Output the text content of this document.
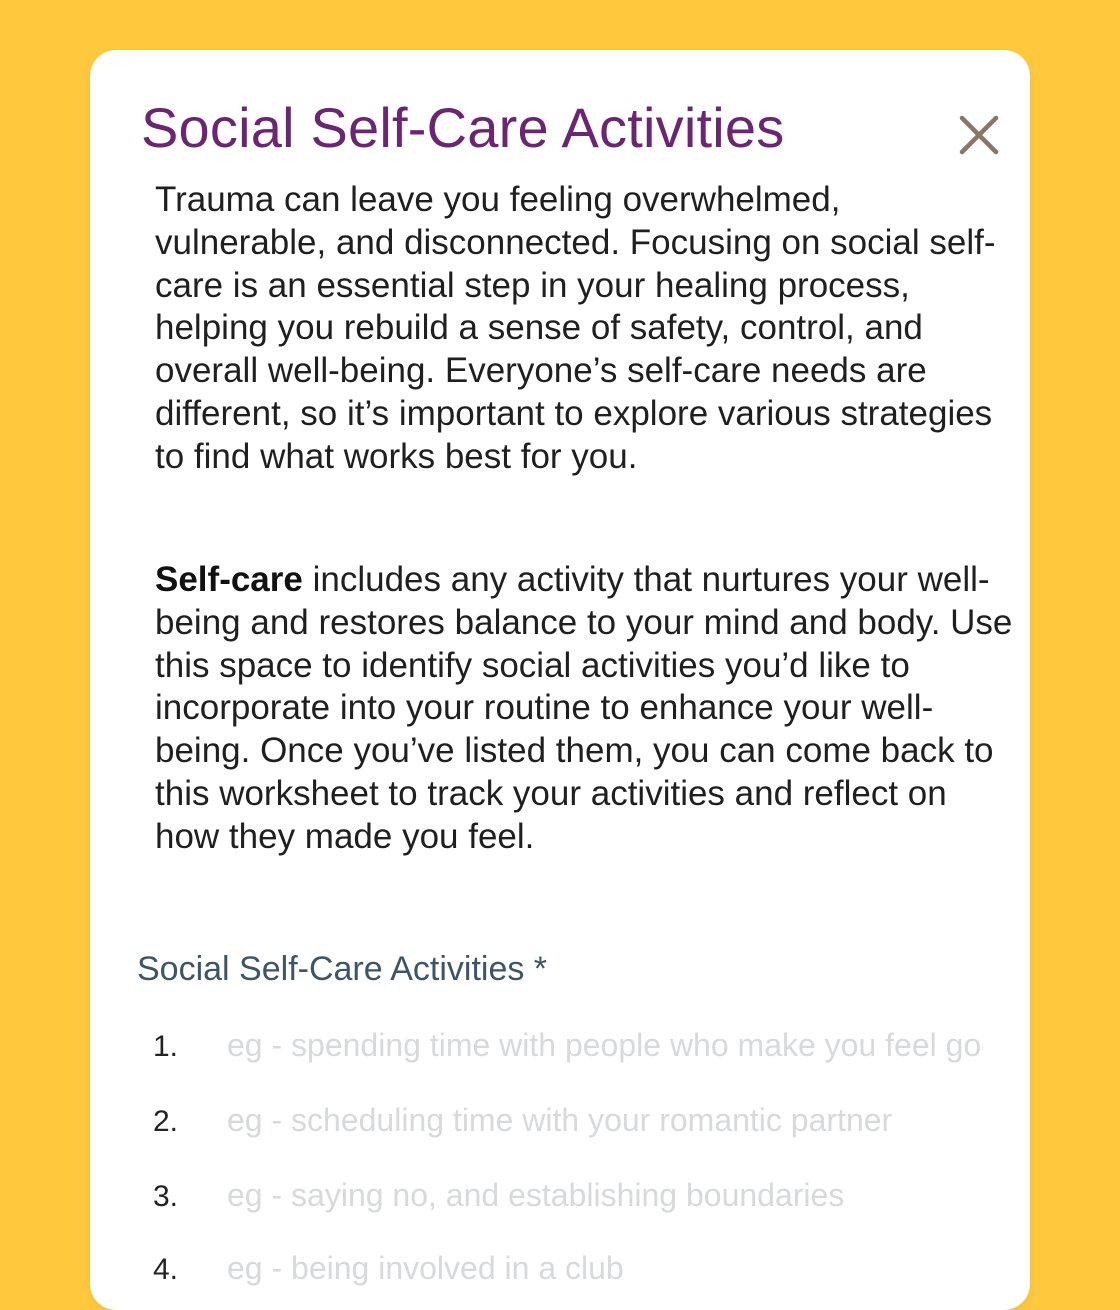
Social Self-Care Activities

Trauma can leave you feeling overwhelmed, vulnerable, and disconnected. Focusing on social self-care is an essential step in your healing process, helping you rebuild a sense of safety, control, and overall well-being. Everyone’s self-care needs are different, so it’s important to explore various strategies to find what works best for you.

Self-care includes any activity that nurtures your well-being and restores balance to your mind and body. Use this space to identify social activities you’d like to incorporate into your routine to enhance your well-being. Once you’ve listed them, you can come back to this worksheet to track your activities and reflect on how they made you feel.

Social Self-Care Activities *
1.
eg - spending time with people who make you feel good
2.
eg - scheduling time with your romantic partner
3.
eg - saying no, and establishing boundaries
4.
eg - being involved in a club
